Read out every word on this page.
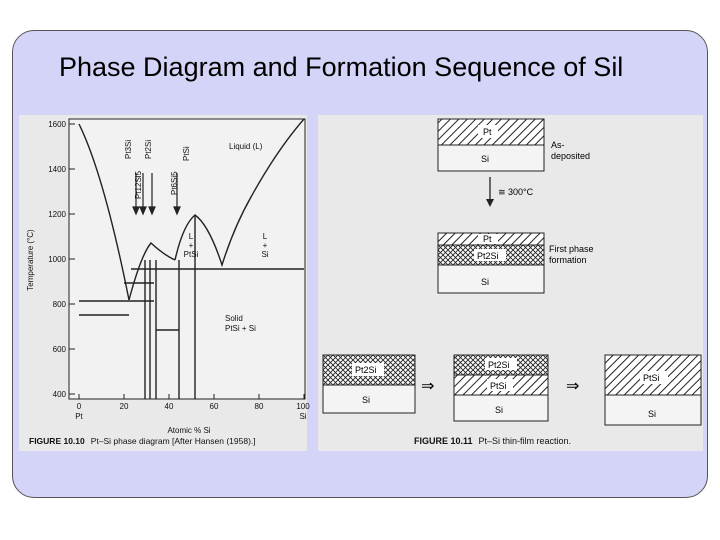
Phase Diagram and Formation Sequence of Sil
1600
1400
1200
1000
800
600
400
Temperature (°C)
0	20	40	60	80	100
Pt	Si
Atomic % Si
Pt3Si
Pt12Si5
Pt2Si
Pt6Si5
PtSi	Liquid (L)
L
+
PtSi
L
+
Si
Solid
PtSi + Si
FIGURE 10.10 Pt–Si phase diagram [After Hansen (1958).]
Pt
Si
As-
deposited
≅ 300°C
Pt
Pt2Si
Si
First phase
formation
Pt2Si
Si
⇒
Pt2Si
PtSi
Si
⇒	PtSi
Si
FIGURE 10.11 Pt–Si thin-film reaction.
